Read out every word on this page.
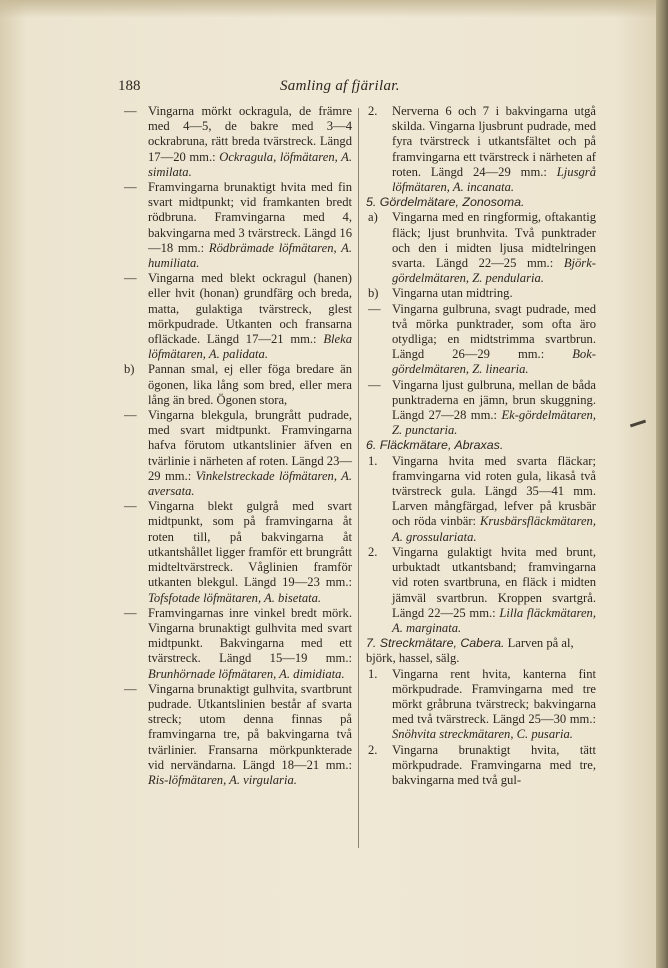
188	Samling af fjärilar.
— Vingarna mörkt ockragula, de främre med 4—5, de bakre med 3—4 ockrabruna, rätt breda tvärstreck. Längd 17—20 mm.: Ockragula, löfmätaren, A. similata.
— Framvingarna brunaktigt hvita med fin svart midtpunkt; vid framkanten bredt rödbruna. Framvingarna med 4, bakvingarna med 3 tvärstreck. Längd 16—18 mm.: Rödbrämade löfmätaren, A. humiliata.
— Vingarna med blekt ockragul (hanen) eller hvit (honan) grundfärg och breda, matta, gulaktiga tvärstreck, glest mörkpudrade. Utkanten och fransarna ofläckade. Längd 17—21 mm.: Bleka löfmätaren, A. palidata.
b) Pannan smal, ej eller föga bredare än ögonen, lika lång som bred, eller mera lång än bred. Ögonen stora,
— Vingarna blekgula, brungrått pudrade, med svart midtpunkt. Framvingarna hafva förutom utkantslinier äfven en tvärlinie i närheten af roten. Längd 23—29 mm.: Vinkelstreckade löfmätaren, A. aversata.
— Vingarna blekt gulgrå med svart midtpunkt, som på framvingarna åt roten till, på bakvingarna åt utkantshållet ligger framför ett brungrått midteltvärstreck. Våglinien framför utkanten blekgul. Längd 19—23 mm.: Tofsfotade löfmätaren, A. bisetata.
— Framvingarnas inre vinkel bredt mörk. Vingarna brunaktigt gulhvita med svart midtpunkt. Bakvingarna med ett tvärstreck. Längd 15—19 mm.: Brunhörnade löfmätaren, A. dimidiata.
— Vingarna brunaktigt gulhvita, svartbrunt pudrade. Utkantslinien består af svarta streck; utom denna finnas på framvingarna tre, på bakvingarna två tvärlinier. Fransarna mörkpunkterade vid nervändarna. Längd 18—21 mm.: Ris-löfmätaren, A. virgularia.
2. Nerverna 6 och 7 i bakvingarna utgå skilda. Vingarna ljusbrunt pudrade, med fyra tvärstreck i utkantsfältet och på framvingarna ett tvärstreck i närheten af roten. Längd 24—29 mm.: Ljusgrå löfmätaren, A. incanata.
5. Gördelmätare, Zonosoma.
a) Vingarna med en ringformig, oftakantig fläck; ljust brunhvita. Två punktrader och den i midten ljusa midtelringen svarta. Längd 22—25 mm.: Björk-gördelmätaren, Z. pendularia.
b) Vingarna utan midtring.
— Vingarna gulbruna, svagt pudrade, med två mörka punktrader, som ofta äro otydliga; en midtstrimma svartbrun. Längd 26—29 mm.: Bok-gördelmätaren, Z. linearia.
— Vingarna ljust gulbruna, mellan de båda punktraderna en jämn, brun skuggning. Längd 27—28 mm.: Ek-gördelmätaren, Z. punctaria.
6. Fläckmätare, Abraxas.
1. Vingarna hvita med svarta fläckar; framvingarna vid roten gula, likaså två tvärstreck gula. Längd 35—41 mm. Larven mångfärgad, lefver på krusbär och röda vinbär: Krusbärsfläckmätaren, A. grossulariata.
2. Vingarna gulaktigt hvita med brunt, urbuktadt utkantsband; framvingarna vid roten svartbruna, en fläck i midten jämväl svartbrun. Kroppen svartgrå. Längd 22—25 mm.: Lilla fläckmätaren, A. marginata.
7. Streckmätare, Cabera. Larven på al, björk, hassel, sälg.
1. Vingarna rent hvita, kanterna fint mörkpudrade. Framvingarna med tre mörkt gråbruna tvärstreck; bakvingarna med två tvärstreck. Längd 25—30 mm.: Snöhvita streckmätaren, C. pusaria.
2. Vingarna brunaktigt hvita, tätt mörkpudrade. Framvingarna med tre, bakvingarna med två gul-
